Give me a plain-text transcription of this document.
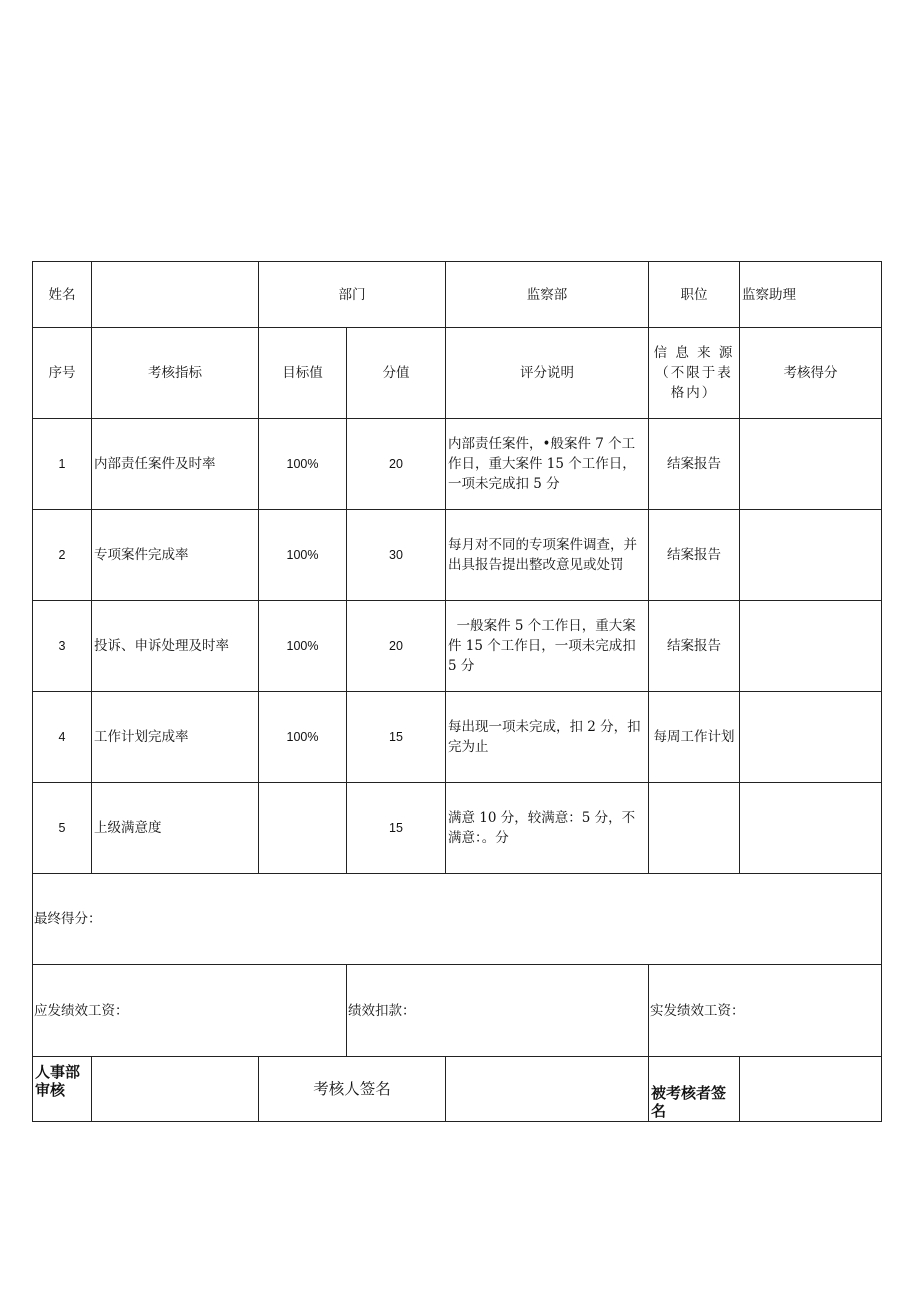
姓名		部门		监察部	职位	监察助理
序号	考核指标	目标值	分值	评分说明	信 息 来 源（不限于表格内）	考核得分
1	内部责任案件及时率	100%	20	内部责任案件，•般案件 7 个工作日，重大案件 15 个工作日，一项未完成扣 5 分	结案报告	
2	专项案件完成率	100%	30	每月对不同的专项案件调查，并出具报告提出整改意见或处罚	结案报告	
3	投诉、申诉处理及时率	100%	20	一般案件 5 个工作日，重大案件 15 个工作日，一项未完成扣 5 分	结案报告	
4	工作计划完成率	100%	15	每出现一项未完成，扣 2 分，扣完为止	每周工作计划	
5	上级满意度		15	满意 10 分，较满意：5 分，不满意：。分		
最终得分：						
应发绩效工资：			绩效扣款：		实发绩效工资：	
人事部审核		考核人签名			被考核者签名	
